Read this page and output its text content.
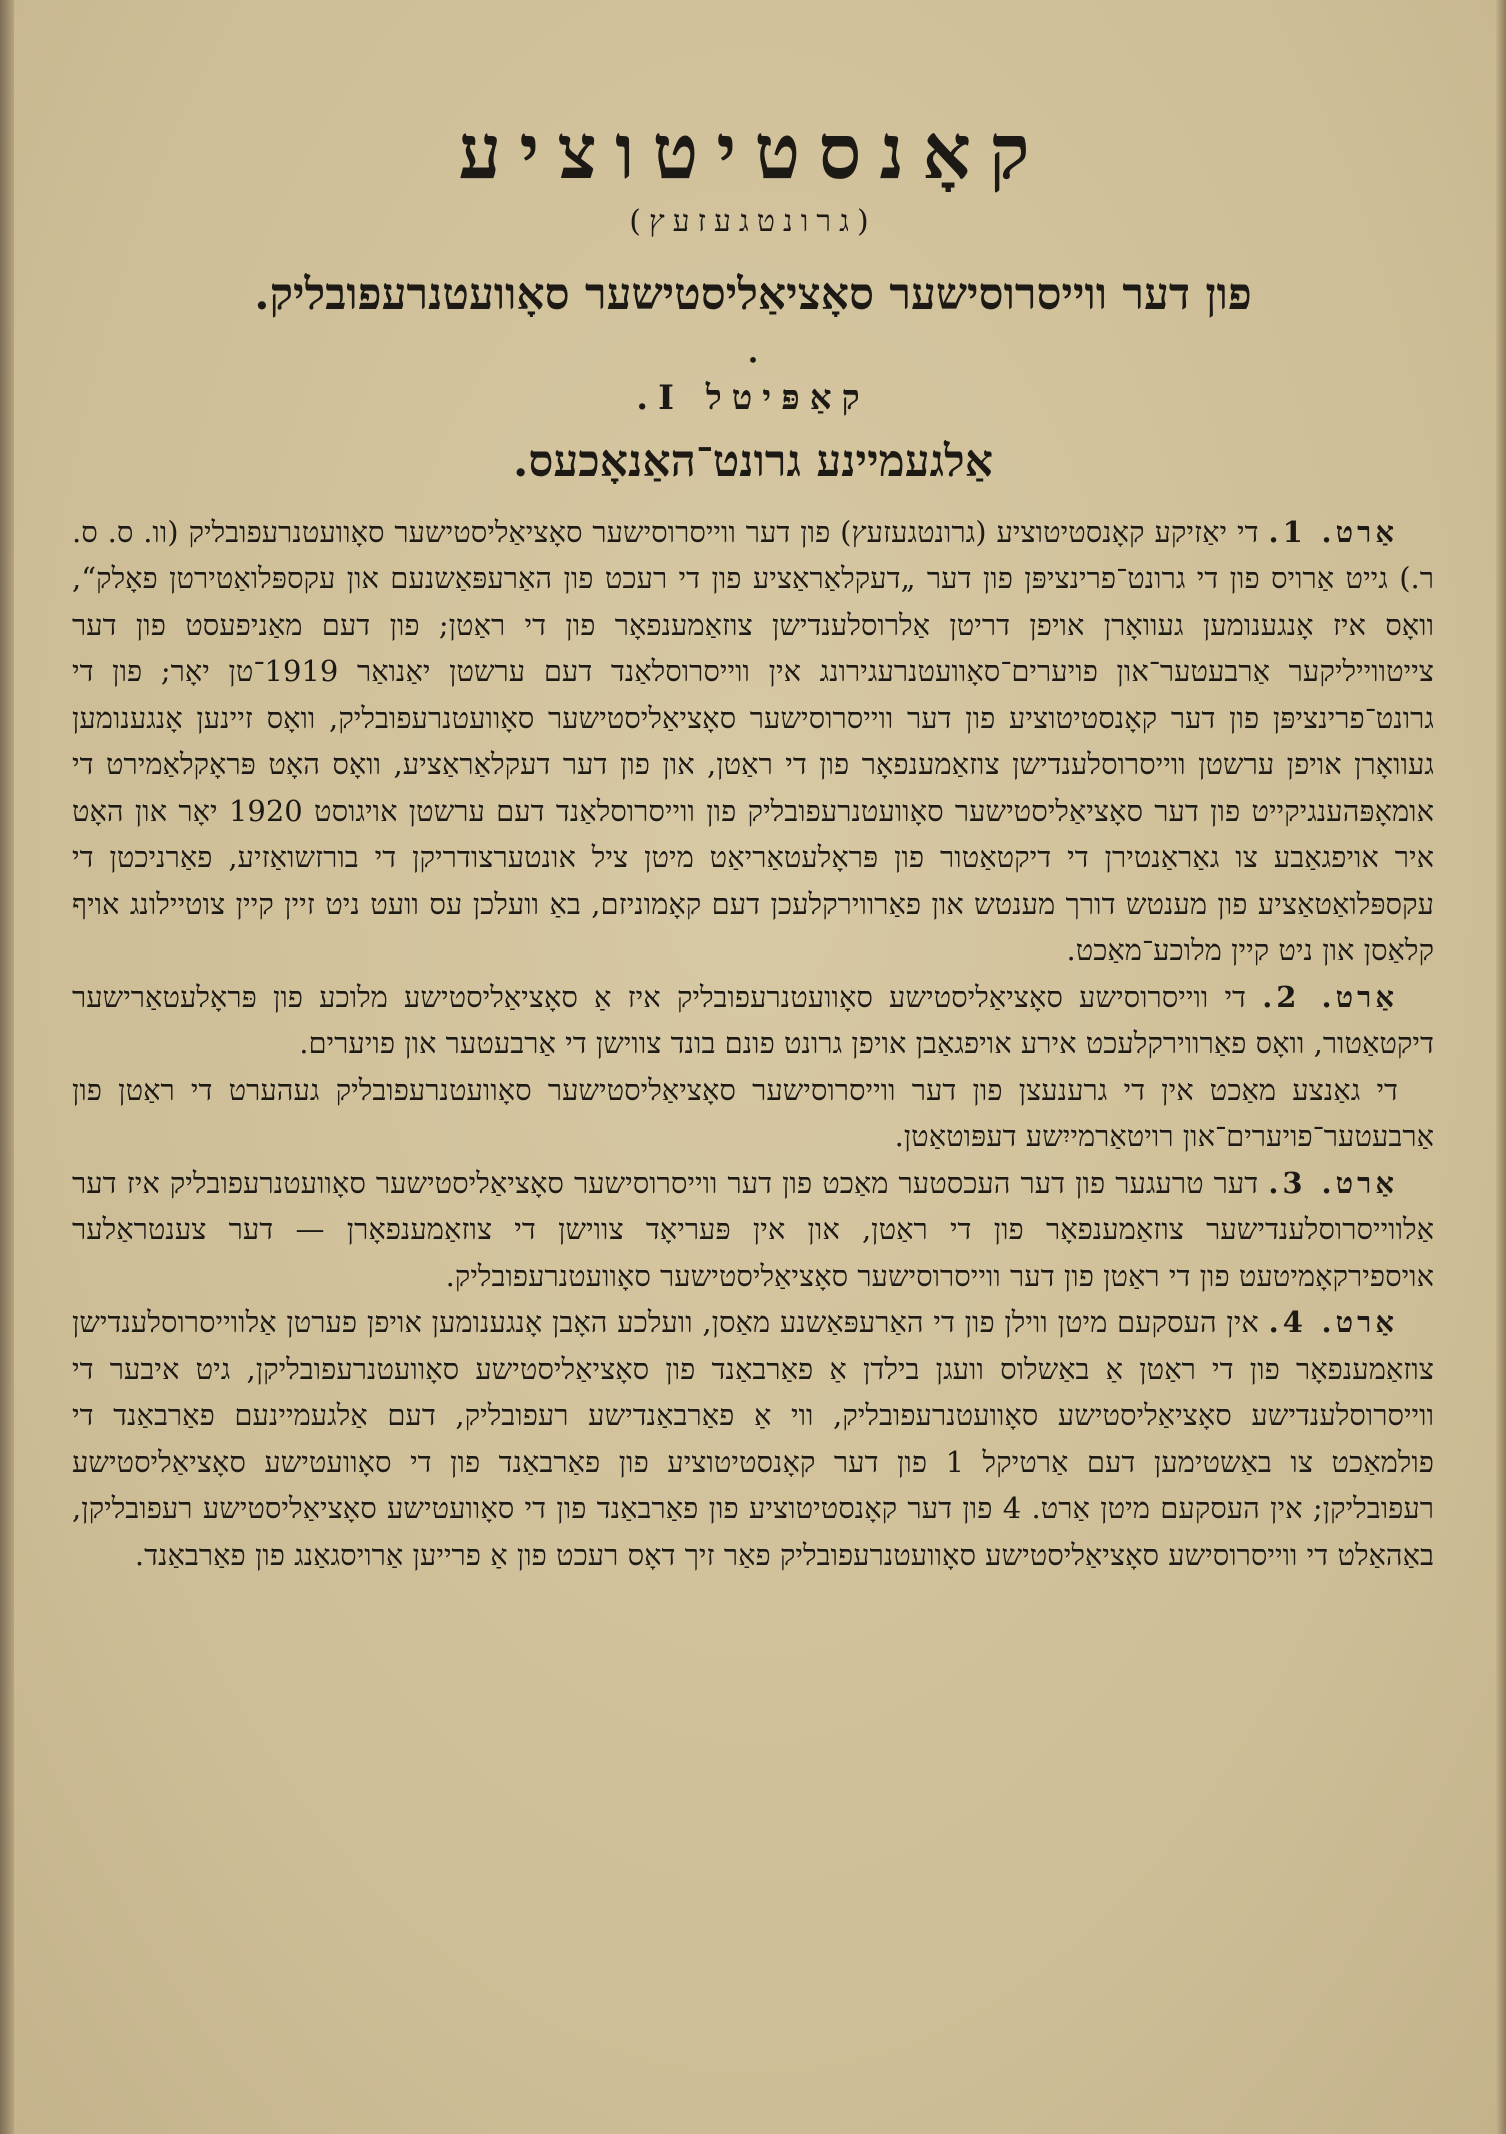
קאָנסטיטוציע
(גרונטגעזעץ)
פון דער ווייסרוסישער סאָציאַליסטישער סאָוועטנרעפובליק.
•
קאַפּיטל I.
אַלגעמיינע גרונט־האַנאָכעס.

אַרט. 1. די יאַזיקע קאָנסטיטוציע (גרונטגעזעץ) פון דער ווייסרוסישער סאָציאַליסטישער סאָוועטנרעפובליק (וו. ס. ס. ר.) גייט אַרויס פון די גרונט־פרינציפּן פון דער „דעקלאַראַציע פון די רעכט פון האַרעפּאַשנעם און עקספּלואַטירטן פאָלק“, וואָס איז אָנגענומען געוואָרן אויפן דריטן אַלרוסלענדישן צוזאַמענפאָר פון די ראַטן; פון דעם מאַניפעסט פון דער צייטווייליקער אַרבעטער־און פויערים־סאָוועטנרעגירונג אין ווייסרוסלאַנד דעם ערשטן יאַנואַר 1919־טן יאָר; פון די גרונט־פרינציפּן פון דער קאָנסטיטוציע פון דער ווייסרוסישער סאָציאַליסטישער סאָוועטנרעפובליק, וואָס זיינען אָנגענומען געוואָרן אויפן ערשטן ווייסרוסלענדישן צוזאַמענפאָר פון די ראַטן, און פון דער דעקלאַראַציע, וואָס האָט פּראָקלאַמירט די אומאָפּהענגיקייט פון דער סאָציאַליסטישער סאָוועטנרעפובליק פון ווייסרוסלאַנד דעם ערשטן אויגוסט 1920 יאָר און האָט איר אויפגאַבע צו גאַראַנטירן די דיקטאַטור פון פּראָלעטאַריאַט מיטן ציל אונטערצודריקן די בורזשואַזיע, פאַרניכטן די עקספּלואַטאַציע פון מענטש דורך מענטש און פאַרווירקלעכן דעם קאָמוניזם, באַ וועלכן עס וועט ניט זיין קיין צוטיילונג אויף קלאַסן און ניט קיין מלוכע־מאַכט.

אַרט. 2. די ווייסרוסישע סאָציאַליסטישע סאָוועטנרעפובליק איז אַ סאָציאַליסטישע מלוכע פון פּראָלעטאַרישער דיקטאַטור, וואָס פאַרווירקלעכט אירע אויפגאַבן אויפן גרונט פונם בונד צווישן די אַרבעטער און פויערים.

די גאַנצע מאַכט אין די גרענעצן פון דער ווייסרוסישער סאָציאַליסטישער סאָוועטנרעפובליק געהערט די ראַטן פון אַרבעטער־פויערים־און רויטאַרמייִשע דעפּוטאַטן.

אַרט. 3. דער טרעגער פון דער העכסטער מאַכט פון דער ווייסרוסישער סאָציאַליסטישער סאָוועטנרעפובליק איז דער אַלווייסרוסלענדישער צוזאַמענפאָר פון די ראַטן, און אין פּעריאָד צווישן די צוזאַמענפאָרן — דער צענטראַלער אויספירקאָמיטעט פון די ראַטן פון דער ווייסרוסישער סאָציאַליסטישער סאָוועטנרעפובליק.

אַרט. 4. אין העסקעם מיטן ווילן פון די האַרעפּאַשנע מאַסן, וועלכע האָבן אָנגענומען אויפן פערטן אַלווייסרוסלענדישן צוזאַמענפאָר פון די ראַטן אַ באַשלוס וועגן בילדן אַ פאַרבאַנד פון סאָציאַליסטישע סאָוועטנרעפובליקן, גיט איבער די ווייסרוסלענדישע סאָציאַליסטישע סאָוועטנרעפובליק, ווי אַ פאַרבאַנדישע רעפובליק, דעם אַלגעמיינעם פאַרבאַנד די פולמאַכט צו באַשטימען דעם אַרטיקל 1 פון דער קאָנסטיטוציע פון פאַרבאַנד פון די סאָוועטישע סאָציאַליסטישע רעפובליקן; אין העסקעם מיטן אַרט. 4 פון דער קאָנסטיטוציע פון פאַרבאַנד פון די סאָוועטישע סאָציאַליסטישע רעפובליקן, באַהאַלט די ווייסרוסישע סאָציאַליסטישע סאָוועטנרעפובליק פאַר זיך דאָס רעכט פון אַ פרייען אַרויסגאַנג פון פאַרבאַנד.
